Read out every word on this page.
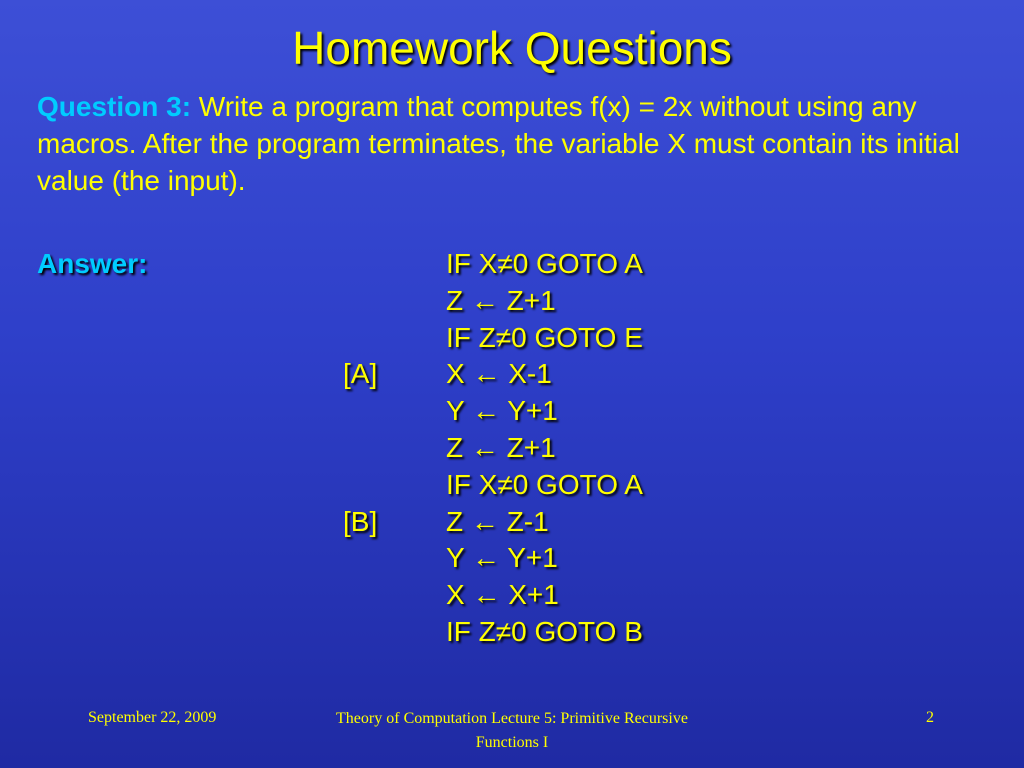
Homework Questions
Question 3: Write a program that computes f(x) = 2x without using any macros. After the program terminates, the variable X must contain its initial value (the input).
Answer:	IF X≠0 GOTO A
Z ← Z+1
IF Z≠0 GOTO E
[A] X ← X-1
Y ← Y+1
Z ← Z+1
IF X≠0 GOTO A
[B] Z ← Z-1
Y ← Y+1
X ← X+1
IF Z≠0 GOTO B
September 22, 2009	Theory of Computation Lecture 5: Primitive Recursive Functions I
2
